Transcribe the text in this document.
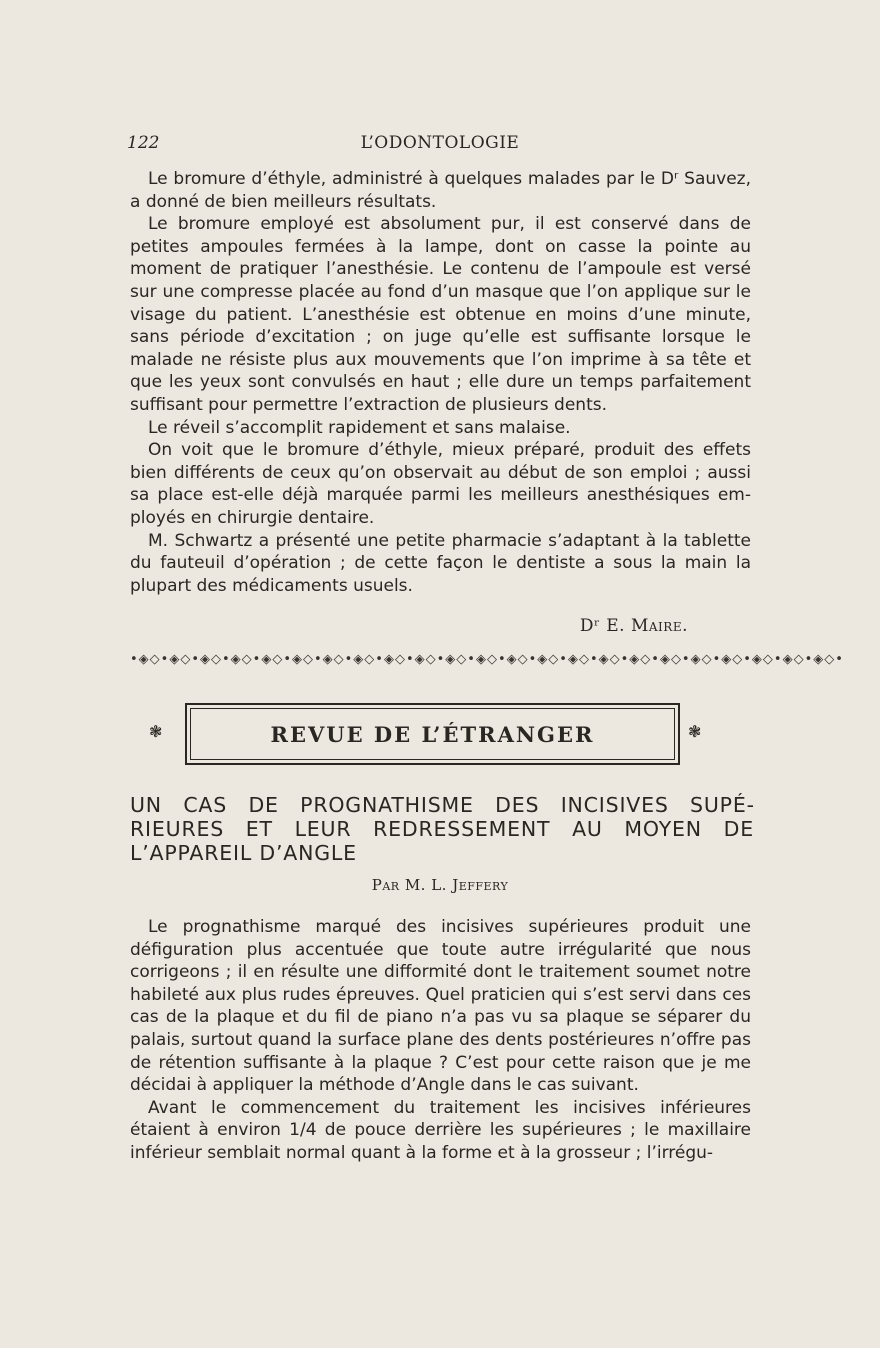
122	L’ODONTOLOGIE

Le bromure d’éthyle, administré à quelques malades par le Dʳ Sauvez, a donné de bien meilleurs résultats.

Le bromure employé est absolument pur, il est conservé dans de petites ampoules fermées à la lampe, dont on casse la pointe au moment de pratiquer l’anesthésie. Le contenu de l’ampoule est versé sur une compresse placée au fond d’un masque que l’on applique sur le visage du patient. L’anesthésie est obtenue en moins d’une minute, sans période d’excitation ; on juge qu’elle est suffisante lorsque le malade ne résiste plus aux mouvements que l’on imprime à sa tête et que les yeux sont convulsés en haut ; elle dure un temps parfaitement suffisant pour permettre l’extraction de plusieurs dents.

Le réveil s’accomplit rapidement et sans malaise.

On voit que le bromure d’éthyle, mieux préparé, produit des effets bien différents de ceux qu’on observait au début de son emploi ; aussi sa place est-elle déjà marquée parmi les meilleurs anesthésiques employés en chirurgie dentaire.

M. Schwartz a présenté une petite pharmacie s’adaptant à la tablette du fauteuil d’opération ; de cette façon le dentiste a sous la main la plupart des médicaments usuels.

Dʳ E. Maire.
•◈◇•◈◇•◈◇•◈◇•◈◇•◈◇•◈◇•◈◇•◈◇•◈◇•◈◇•◈◇•◈◇•◈◇•◈◇•◈◇•◈◇•◈◇•◈◇•◈◇•◈◇•◈◇•◈◇•
❃	REVUE DE L’ÉTRANGER	❃
UN CAS DE PROGNATHISME DES INCISIVES SUPÉRIEURES ET LEUR REDRESSEMENT AU MOYEN DE L’APPAREIL D’ANGLE
Par M. L. Jeffery

Le prognathisme marqué des incisives supérieures produit une défiguration plus accentuée que toute autre irrégularité que nous corrigeons ; il en résulte une difformité dont le traitement soumet notre habileté aux plus rudes épreuves. Quel praticien qui s’est servi dans ces cas de la plaque et du fil de piano n’a pas vu sa plaque se séparer du palais, surtout quand la surface plane des dents postérieures n’offre pas de rétention suffisante à la plaque ? C’est pour cette raison que je me décidai à appliquer la méthode d’Angle dans le cas suivant.

Avant le commencement du traitement les incisives inférieures étaient à environ 1/4 de pouce derrière les supérieures ; le maxillaire inférieur semblait normal quant à la forme et à la grosseur ; l’irrégu-
